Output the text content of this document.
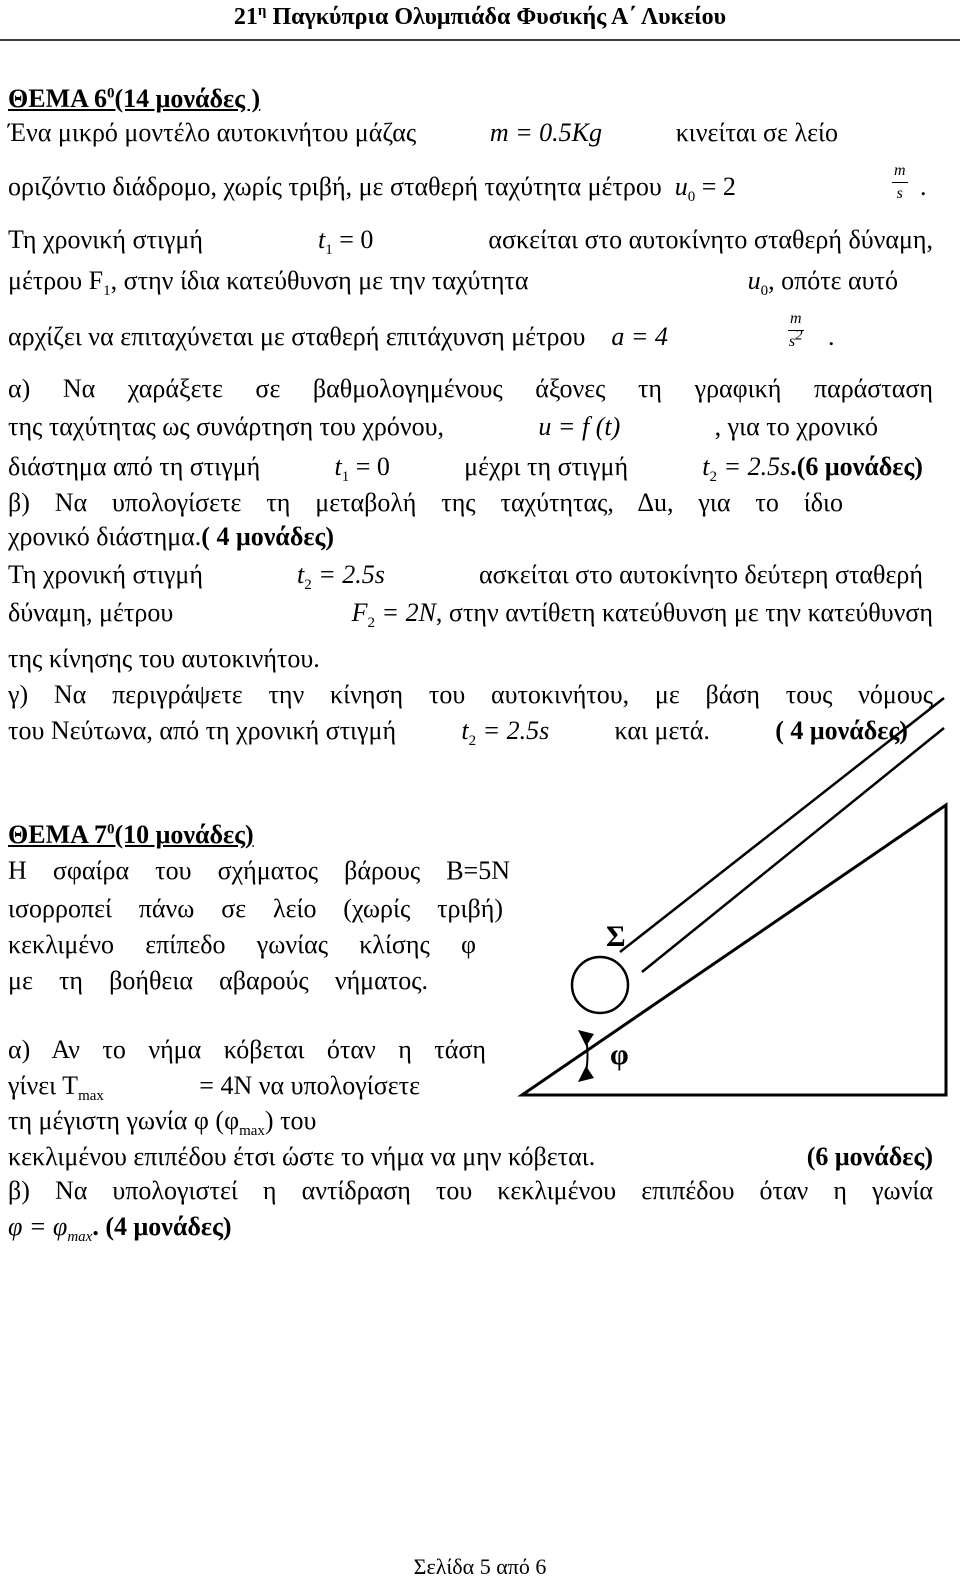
$21^\eta$ Παγκύπρια Ολυμπιάδα Φυσικής Α΄ Λυκείου
ΘΕΜΑ $6^0(14$ μονάδες )
Ένα μικρό μοντέλο αυτοκινήτου μάζας	m = 0.5Kg	κινείται σε λείο
οριζόντιο διάδρομο, χωρίς τριβή, με σταθερή ταχύτητα μέτρου $u_0 = 2$	$\frac{m}{s}$ .
Τη χρονική στιγμή	$t_1 = 0$	ασκείται στο αυτοκίνητο σταθερή δύναμη,
μέτρου $F_1$, στην ίδια κατεύθυνση με την ταχύτητα	$u_0$, οπότε αυτό
αρχίζει να επιταχύνεται με σταθερή επιτάχυνση μέτρου a = 4	$\frac{m}{s^2}$ .
α) Να χαράξετε σε βαθμολογημένους άξονες τη γραφική παράσταση
της ταχύτητας ως συνάρτηση του χρόνου,	u = f (t)	, για το χρονικό
διάστημα από τη στιγμή	$t_1 = 0$	μέχρι τη στιγμή	$t_2 = 2.5s.(6$ μονάδες)
β) Να υπολογίσετε τη μεταβολή της ταχύτητας, Δu, για το ίδιο
χρονικό διάστημα.( 4 μονάδες)
Τη χρονική στιγμή	$t_2 = 2.5s$	ασκείται στο αυτοκίνητο δεύτερη σταθερή
δύναμη, μέτρου	$F_2 = 2N$, στην αντίθετη κατεύθυνση με την κατεύθυνση
της κίνησης του αυτοκινήτου.
γ) Να περιγράψετε την κίνηση του αυτοκινήτου, με βάση τους νόμους
του Νεύτωνα, από τη χρονική στιγμή	$t_2 = 2.5s$	και μετά.	( 4 μονάδες)
ΘΕΜΑ $7^0(10$ μονάδες)
Η σφαίρα του σχήματος βάρους Β=5Ν
ισορροπεί πάνω σε λείο (χωρίς τριβή)
κεκλιμένο επίπεδο γωνίας κλίσης φ
με τη βοήθεια αβαρούς νήματος.
α) Αν το νήμα κόβεται όταν η τάση
γίνει $T_{max}$	= 4Ν να υπολογίσετε
τη μέγιστη γωνία φ $(\varphi_{max})$ του
κεκλιμένου επιπέδου έτσι ώστε το νήμα να μην κόβεται.	(6 μονάδες)
β) Να υπολογιστεί η αντίδραση του κεκλιμένου επιπέδου όταν η γωνία
$\varphi = \varphi_{max}$. (4 μονάδες)
Σ
φ
Σελίδα 5 από 6
